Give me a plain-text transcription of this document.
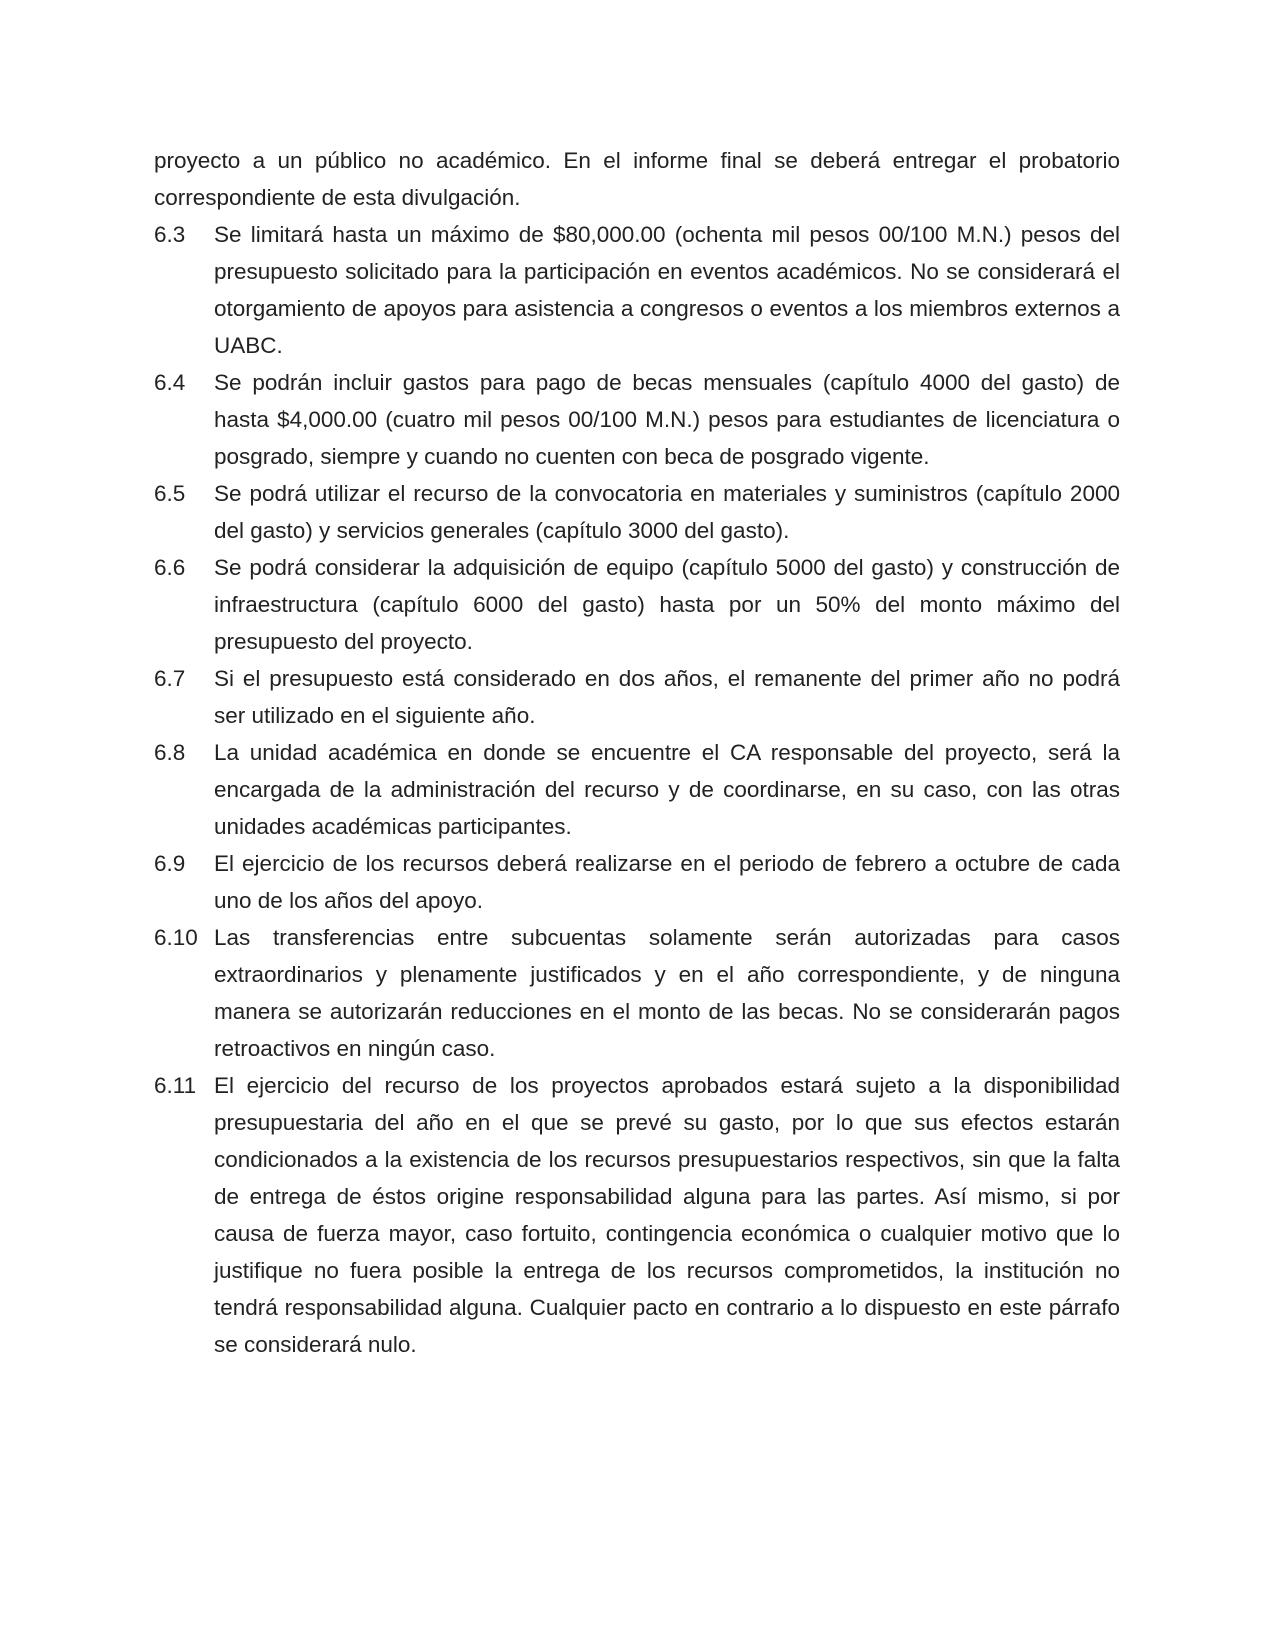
proyecto a un público no académico. En el informe final se deberá entregar el probatorio correspondiente de esta divulgación.

6.3	Se limitará hasta un máximo de $80,000.00 (ochenta mil pesos 00/100 M.N.) pesos del presupuesto solicitado para la participación en eventos académicos. No se considerará el otorgamiento de apoyos para asistencia a congresos o eventos a los miembros externos a UABC.
6.4	Se podrán incluir gastos para pago de becas mensuales (capítulo 4000 del gasto) de hasta $4,000.00 (cuatro mil pesos 00/100 M.N.) pesos para estudiantes de licenciatura o posgrado, siempre y cuando no cuenten con beca de posgrado vigente.
6.5	Se podrá utilizar el recurso de la convocatoria en materiales y suministros (capítulo 2000 del gasto) y servicios generales (capítulo 3000 del gasto).
6.6	Se podrá considerar la adquisición de equipo (capítulo 5000 del gasto) y construcción de infraestructura (capítulo 6000 del gasto) hasta por un 50% del monto máximo del presupuesto del proyecto.
6.7	Si el presupuesto está considerado en dos años, el remanente del primer año no podrá ser utilizado en el siguiente año.
6.8	La unidad académica en donde se encuentre el CA responsable del proyecto, será la encargada de la administración del recurso y de coordinarse, en su caso, con las otras unidades académicas participantes.
6.9	El ejercicio de los recursos deberá realizarse en el periodo de febrero a octubre de cada uno de los años del apoyo.
6.10 Las transferencias entre subcuentas solamente serán autorizadas para casos extraordinarios y plenamente justificados y en el año correspondiente, y de ninguna manera se autorizarán reducciones en el monto de las becas. No se considerarán pagos retroactivos en ningún caso.
6.11 El ejercicio del recurso de los proyectos aprobados estará sujeto a la disponibilidad presupuestaria del año en el que se prevé su gasto, por lo que sus efectos estarán condicionados a la existencia de los recursos presupuestarios respectivos, sin que la falta de entrega de éstos origine responsabilidad alguna para las partes. Así mismo, si por causa de fuerza mayor, caso fortuito, contingencia económica o cualquier motivo que lo justifique no fuera posible la entrega de los recursos comprometidos, la institución no tendrá responsabilidad alguna. Cualquier pacto en contrario a lo dispuesto en este párrafo se considerará nulo.
